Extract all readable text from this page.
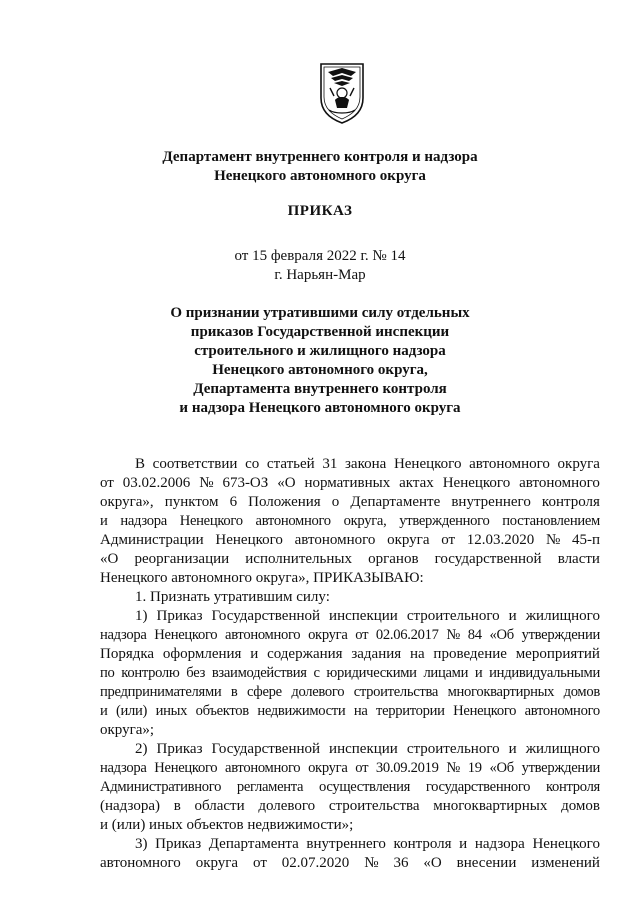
Департамент внутреннего контроля и надзора
Ненецкого автономного округа
ПРИКАЗ
от 15 февраля 2022 г. № 14
г. Нарьян-Мар
О признании утратившими силу отдельных
приказов Государственной инспекции
строительного и жилищного надзора
Ненецкого автономного округа,
Департамента внутреннего контроля
и надзора Ненецкого автономного округа
В соответствии со статьей 31 закона Ненецкого автономного округа
от 03.02.2006 № 673-ОЗ «О нормативных актах Ненецкого автономного
округа», пунктом 6 Положения о Департаменте внутреннего контроля
и надзора Ненецкого автономного округа, утвержденного постановлением
Администрации Ненецкого автономного округа от 12.03.2020 № 45-п
«О реорганизации исполнительных органов государственной власти
Ненецкого автономного округа», ПРИКАЗЫВАЮ:
1. Признать утратившим силу:
1) Приказ Государственной инспекции строительного и жилищного
надзора Ненецкого автономного округа от 02.06.2017 № 84 «Об утверждении
Порядка оформления и содержания задания на проведение мероприятий
по контролю без взаимодействия с юридическими лицами и индивидуальными
предпринимателями в сфере долевого строительства многоквартирных домов
и (или) иных объектов недвижимости на территории Ненецкого автономного
округа»;
2) Приказ Государственной инспекции строительного и жилищного
надзора Ненецкого автономного округа от 30.09.2019 № 19 «Об утверждении
Административного регламента осуществления государственного контроля
(надзора) в области долевого строительства многоквартирных домов
и (или) иных объектов недвижимости»;
3) Приказ Департамента внутреннего контроля и надзора Ненецкого
автономного округа от 02.07.2020 № 36 «О внесении изменений
